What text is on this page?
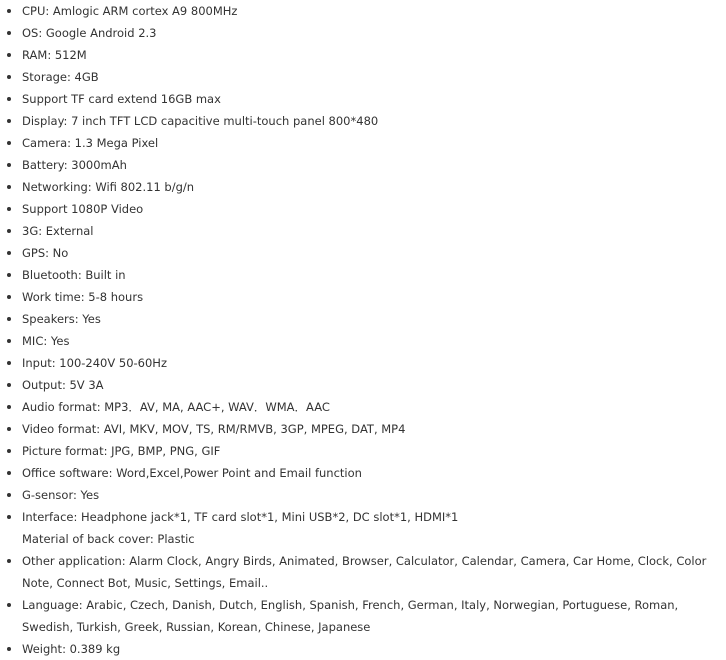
CPU: Amlogic ARM cortex A9 800MHz
OS: Google Android 2.3
RAM: 512M
Storage: 4GB
Support TF card extend 16GB max
Display: 7 inch TFT LCD capacitive multi-touch panel 800*480
Camera: 1.3 Mega Pixel
Battery: 3000mAh
Networking: Wifi 802.11 b/g/n
Support 1080P Video
3G: External
GPS: No
Bluetooth: Built in
Work time: 5-8 hours
Speakers: Yes
MIC: Yes
Input: 100-240V 50-60Hz
Output: 5V 3A
Audio format: MP3．AV, MA, AAC+, WAV．WMA．AAC
Video format: AVI, MKV, MOV, TS, RM/RMVB, 3GP, MPEG, DAT, MP4
Picture format: JPG, BMP, PNG, GIF
Office software: Word,Excel,Power Point and Email function
G-sensor: Yes
Interface: Headphone jack*1, TF card slot*1, Mini USB*2, DC slot*1, HDMI*1
Material of back cover: Plastic
Other application: Alarm Clock, Angry Birds, Animated, Browser, Calculator, Calendar, Camera, Car Home, Clock, Color Note, Connect Bot, Music, Settings, Email..
Language: Arabic, Czech, Danish, Dutch, English, Spanish, French, German, Italy, Norwegian, Portuguese, Roman, Swedish, Turkish, Greek, Russian, Korean, Chinese, Japanese
Weight: 0.389 kg
